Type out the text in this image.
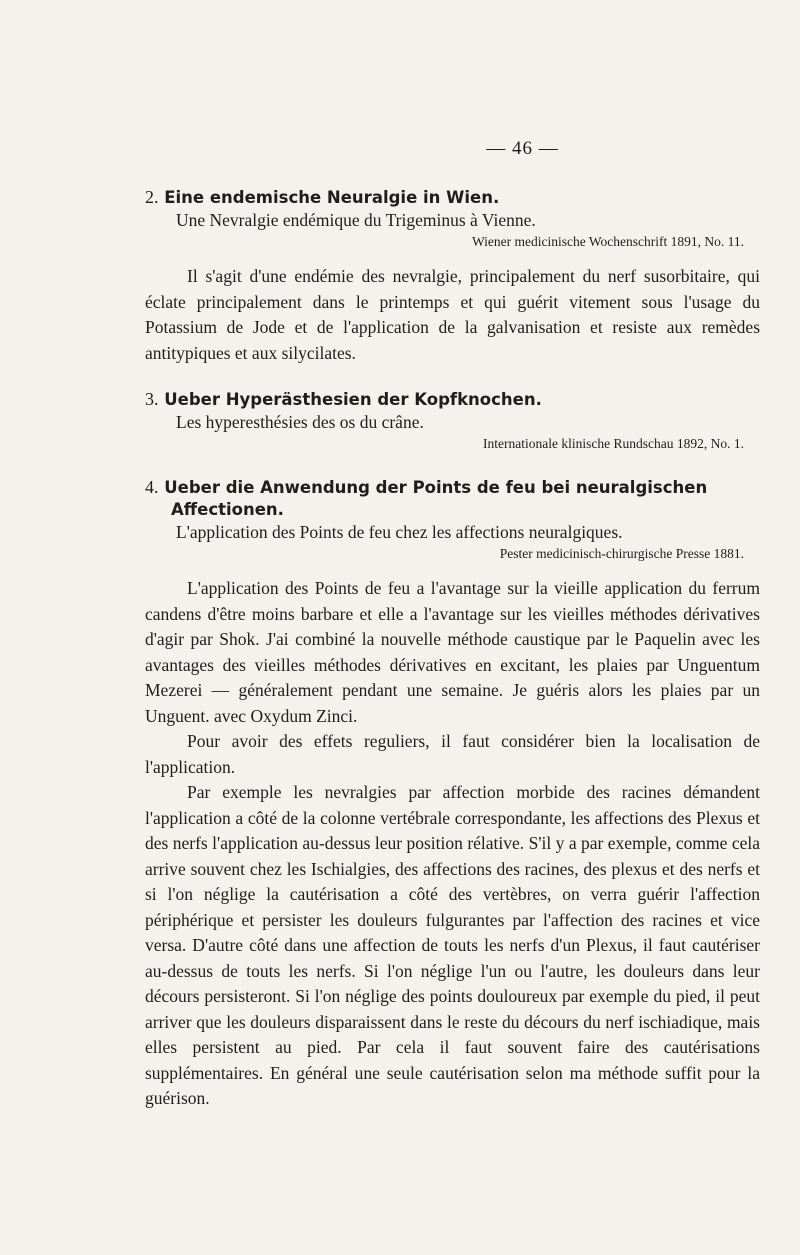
— 46 —

2. Eine endemische Neuralgie in Wien.

Une Nevralgie endémique du Trigeminus à Vienne.

Wiener medicinische Wochenschrift 1891, No. 11.

Il s'agit d'une endémie des nevralgie, principalement du nerf susorbitaire, qui éclate principalement dans le printemps et qui guérit vitement sous l'usage du Potassium de Jode et de l'application de la galvanisation et resiste aux remèdes antitypiques et aux silycilates.

3. Ueber Hyperästhesien der Kopfknochen.

Les hyperesthésies des os du crâne.

Internationale klinische Rundschau 1892, No. 1.

4. Ueber die Anwendung der Points de feu bei neuralgischen
Affectionen.

L'application des Points de feu chez les affections neuralgiques.

Pester medicinisch-chirurgische Presse 1881.

L'application des Points de feu a l'avantage sur la vieille application du ferrum candens d'être moins barbare et elle a l'avantage sur les vieilles méthodes dérivatives d'agir par Shok. J'ai combiné la nouvelle méthode caustique par le Paquelin avec les avantages des vieilles méthodes dérivatives en excitant, les plaies par Unguentum Mezerei — généralement pendant une semaine. Je guéris alors les plaies par un Unguent. avec Oxydum Zinci.

Pour avoir des effets reguliers, il faut considérer bien la localisation de l'application.

Par exemple les nevralgies par affection morbide des racines démandent l'application a côté de la colonne vertébrale correspondante, les affections des Plexus et des nerfs l'application au-dessus leur position rélative. S'il y a par exemple, comme cela arrive souvent chez les Ischialgies, des affections des racines, des plexus et des nerfs et si l'on néglige la cautérisation a côté des vertèbres, on verra guérir l'affection périphérique et persister les douleurs fulgurantes par l'affection des racines et vice versa. D'autre côté dans une affection de touts les nerfs d'un Plexus, il faut cautériser au-dessus de touts les nerfs. Si l'on néglige l'un ou l'autre, les douleurs dans leur décours persisteront. Si l'on néglige des points douloureux par exemple du pied, il peut arriver que les douleurs disparaissent dans le reste du décours du nerf ischiadique, mais elles persistent au pied. Par cela il faut souvent faire des cautérisations supplémentaires. En général une seule cautérisation selon ma méthode suffit pour la guérison.
